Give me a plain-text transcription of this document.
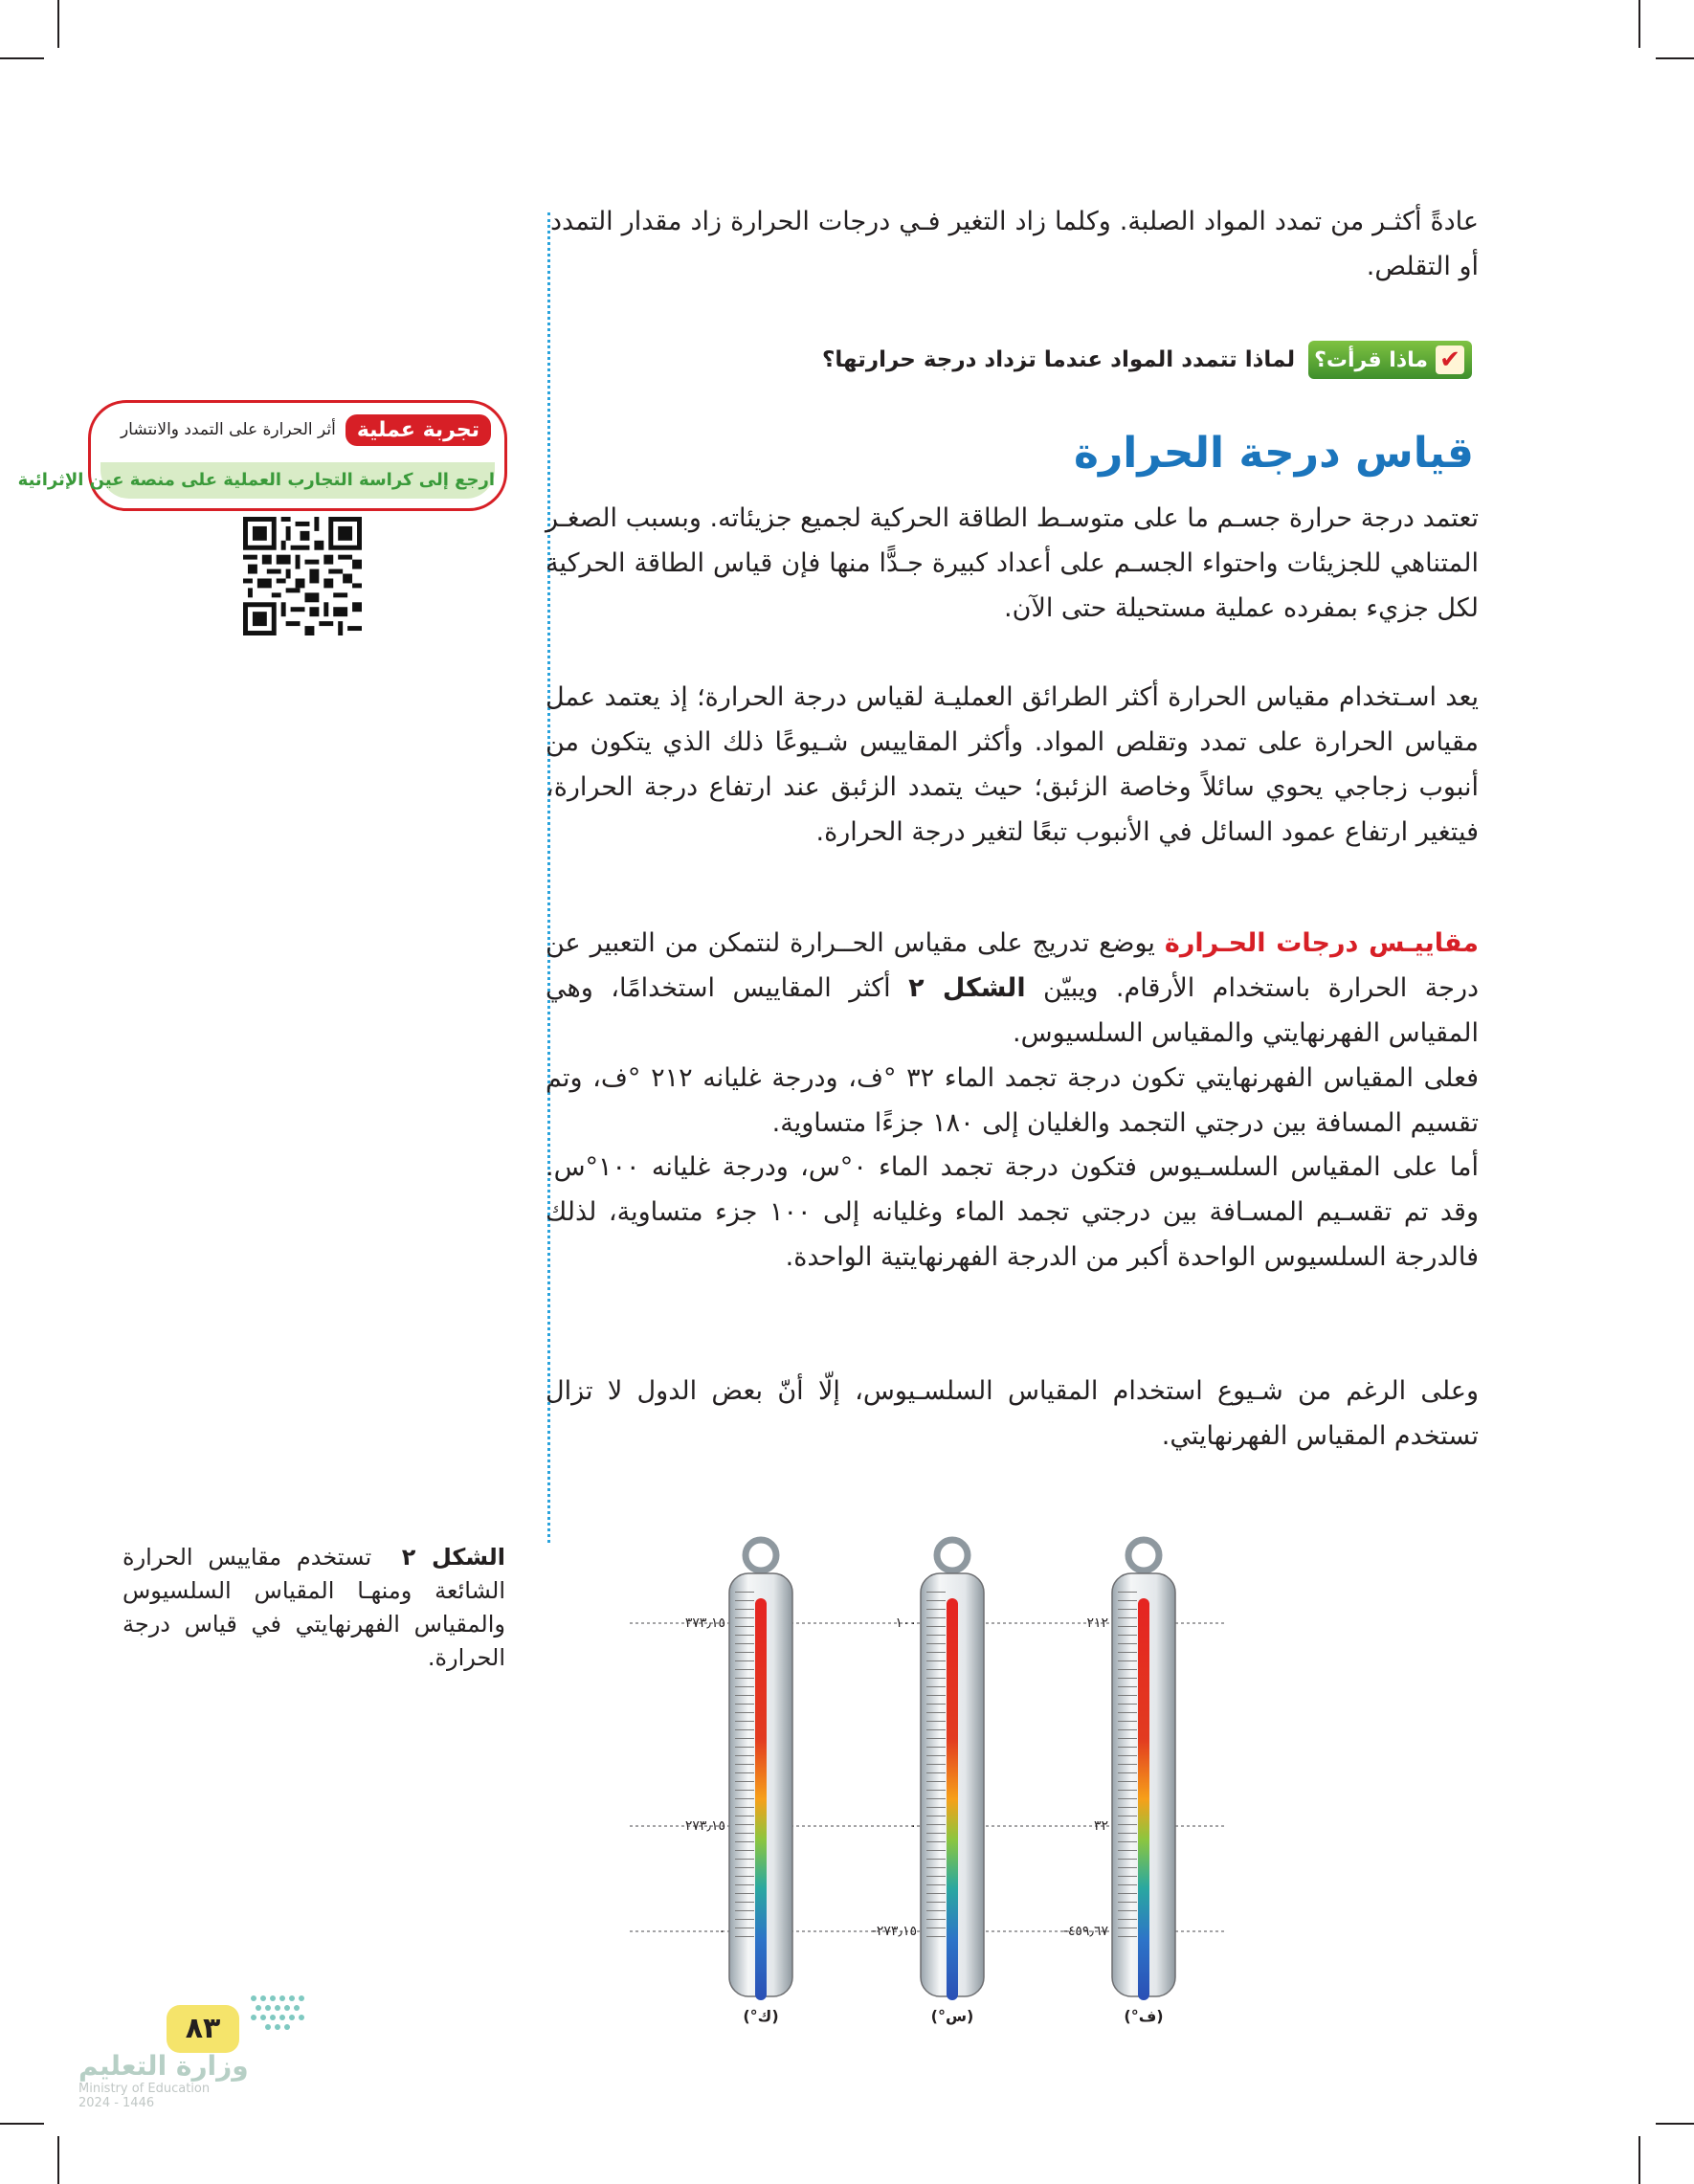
عادةً أكثـر من تمدد المواد الصلبة. وكلما زاد التغير فـي درجات الحرارة زاد مقدار التمدد أو التقلص.

✔
ماذا قرأت؟
لماذا تتمدد المواد عندما تزداد درجة حرارتها؟
قياس درجة الحرارة

تعتمد درجة حرارة جسـم ما على متوسـط الطاقة الحركية لجميع جزيئاته. وبسبب الصغـر المتناهي للجزيئات واحتواء الجسـم على أعداد كبيرة جـدًّا منها فإن قياس الطاقة الحركية لكل جزيء بمفرده عملية مستحيلة حتى الآن.

يعد اسـتخدام مقياس الحرارة أكثر الطرائق العمليـة لقياس درجة الحرارة؛ إذ يعتمد عمل مقياس الحرارة على تمدد وتقلص المواد. وأكثر المقاييس شـيوعًا ذلك الذي يتكون من أنبوب زجاجي يحوي سائلاً وخاصة الزئبق؛ حيث يتمدد الزئبق عند ارتفاع درجة الحرارة، فيتغير ارتفاع عمود السائل في الأنبوب تبعًا لتغير درجة الحرارة.

مقاييـس درجات الحـرارة يوضع تدريج على مقياس الحــرارة لنتمكن من التعبير عن درجة الحرارة باستخدام الأرقام. ويبيّن الشكل ٢ أكثر المقاييس استخدامًا، وهي المقياس الفهرنهايتي والمقياس السلسيوس.

فعلى المقياس الفهرنهايتي تكون درجة تجمد الماء ٣٢ °ف، ودرجة غليانه ٢١٢ °ف، وتم تقسيم المسافة بين درجتي التجمد والغليان إلى ١٨٠ جزءًا متساوية.

أما على المقياس السلسـيوس فتكون درجة تجمد الماء ٠°س، ودرجة غليانه ١٠٠°س. وقد تم تقسـيم المسـافة بين درجتي تجمد الماء وغليانه إلى ١٠٠ جزء متساوية، لذلك فالدرجة السلسيوس الواحدة أكبر من الدرجة الفهرنهايتية الواحدة.

وعلى الرغم من شـيوع استخدام المقياس السلسـيوس، إلّا أنّ بعض الدول لا تزال تستخدم المقياس الفهرنهايتي.

تجربة عملية
أثر الحرارة على التمدد والانتشار
ارجع إلى كراسة التجارب العملية على منصة عين الإثرائية

الشكل ٢  تستخدم مقاييس الحرارة الشائعة ومنهـا المقياس السلسيوس والمقياس الفهرنهايتي في قياس درجة الحرارة.

٣٧٣٫١٥
٢٧٣٫١٥
٠
(°ك)
١٠٠
٠
-٢٧٣٫١٥
(°س)
٢١٢
٣٢
-٤٥٩٫٦٧
(°ف)
٨٣
وزارة التعليم
Ministry of Education
2024 - 1446
